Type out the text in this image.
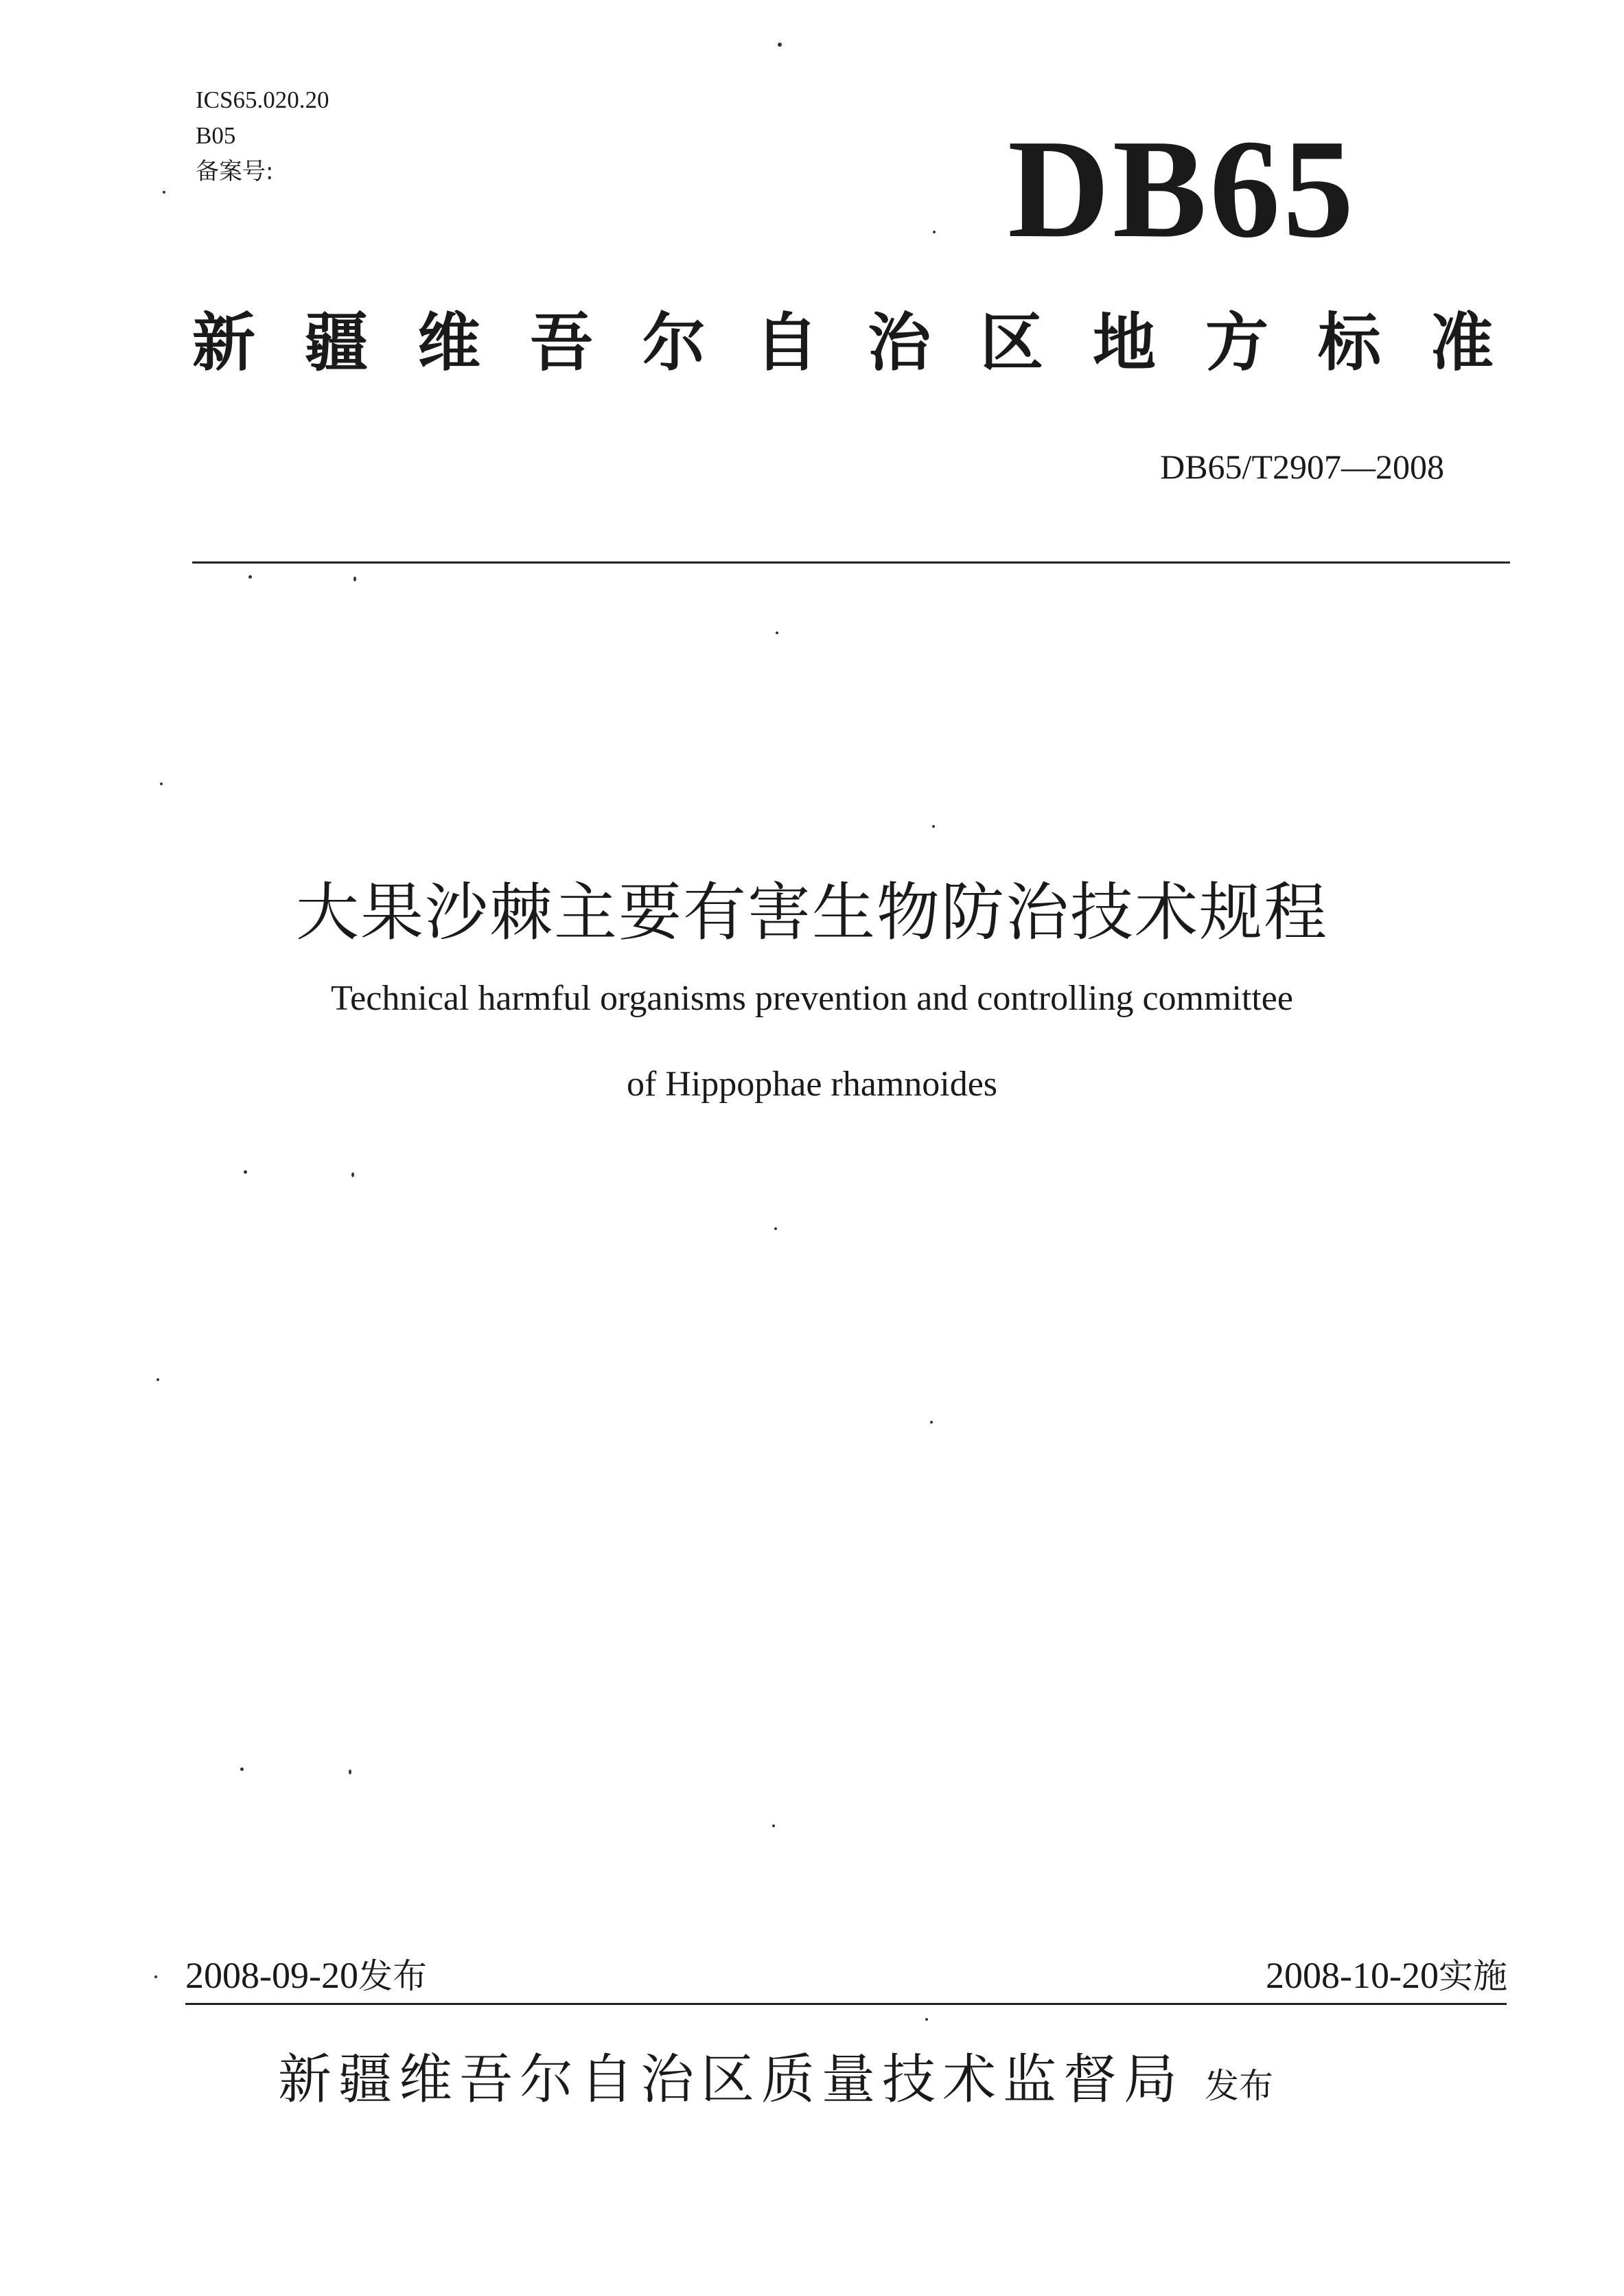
ICS65.020.20
B05
备案号:	DB65
新疆维吾尔自治区地方标准
DB65/T2907—2008
大果沙棘主要有害生物防治技术规程
Technical harmful organisms prevention and controlling committee
of Hippophae rhamnoides
2008-09-20发布	2008-10-20实施
新疆维吾尔自治区质量技术监督局 发布
